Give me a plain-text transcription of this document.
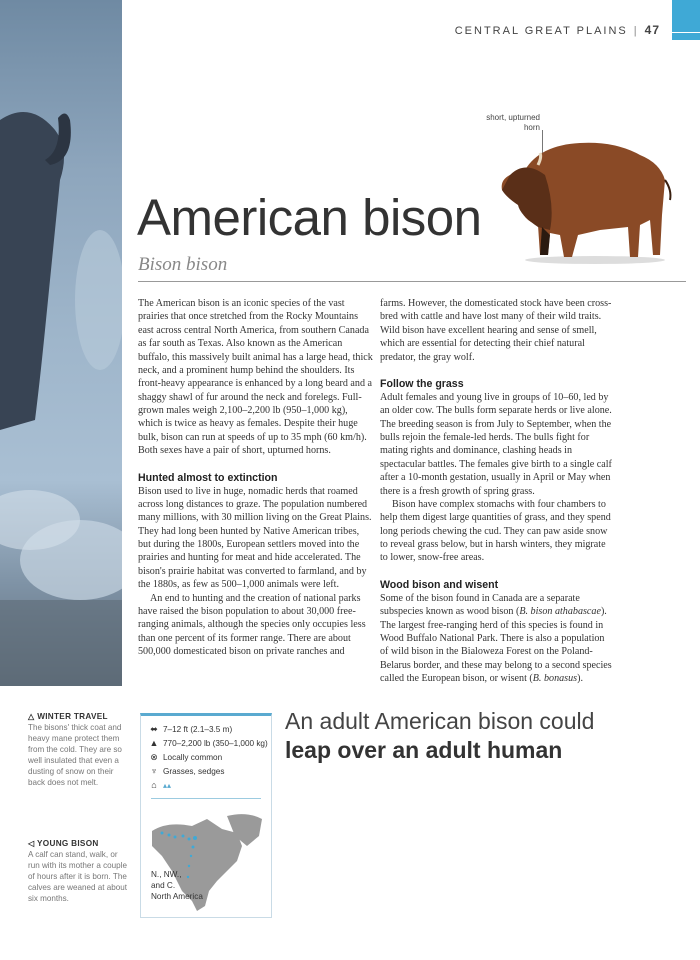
CENTRAL GREAT PLAINS | 47
short, upturned horn
American bison
Bison bison

The American bison is an iconic species of the vast prairies that once stretched from the Rocky Mountains east across central North America, from southern Canada as far south as Texas. Also known as the American buffalo, this massively built animal has a large head, thick neck, and a prominent hump behind the shoulders. Its front-heavy appearance is enhanced by a long beard and a shaggy shawl of fur around the neck and forelegs. Full-grown males weigh 2,100–2,200 lb (950–1,000 kg), which is twice as heavy as females. Despite their huge bulk, bison can run at speeds of up to 35 mph (60 km/h). Both sexes have a pair of short, upturned horns.

Hunted almost to extinction

Bison used to live in huge, nomadic herds that roamed across long distances to graze. The population numbered many millions, with 30 million living on the Great Plains. They had long been hunted by Native American tribes, but during the 1800s, European settlers moved into the prairies and hunting for meat and hide accelerated. The bison's prairie habitat was converted to farmland, and by the 1880s, as few as 500–1,000 animals were left.

An end to hunting and the creation of national parks have raised the bison population to about 30,000 free-ranging animals, although the species only occupies less than one percent of its former range. There are about 500,000 domesticated bison on private ranches and

farms. However, the domesticated stock have been cross-bred with cattle and have lost many of their wild traits. Wild bison have excellent hearing and sense of smell, which are essential for detecting their chief natural predator, the gray wolf.

Follow the grass

Adult females and young live in groups of 10–60, led by an older cow. The bulls form separate herds or live alone. The breeding season is from July to September, when the bulls rejoin the female-led herds. The bulls fight for mating rights and dominance, clashing heads in spectacular battles. The females give birth to a single calf after a 10-month gestation, usually in April or May when there is a fresh growth of spring grass.

Bison have complex stomachs with four chambers to help them digest large quantities of grass, and they spend long periods chewing the cud. They can paw aside snow to reveal grass below, but in harsh winters, they migrate to lower, snow-free areas.

Wood bison and wisent

Some of the bison found in Canada are a separate subspecies known as wood bison (B. bison athabascae). The largest free-ranging herd of this species is found in Wood Buffalo National Park. There is also a population of wild bison in the Bialoweza Forest on the Poland-Belarus border, and these may belong to a second species called the European bison, or wisent (B. bonasus).

△ WINTER TRAVEL

The bisons' thick coat and heavy mane protect them from the cold. They are so well insulated that even a dusting of snow on their back does not melt.

◁ YOUNG BISON

A calf can stand, walk, or run with its mother a couple of hours after it is born. The calves are weaned at about six months.

⬌ 7–12 ft (2.1–3.5 m)
▲ 770–2,200 lb (350–1,000 kg)
⊗ Locally common
♆ Grasses, sedges
⌂ ▴▴
N., NW.,
and C.
North America
An adult American bison could
leap over an adult human
